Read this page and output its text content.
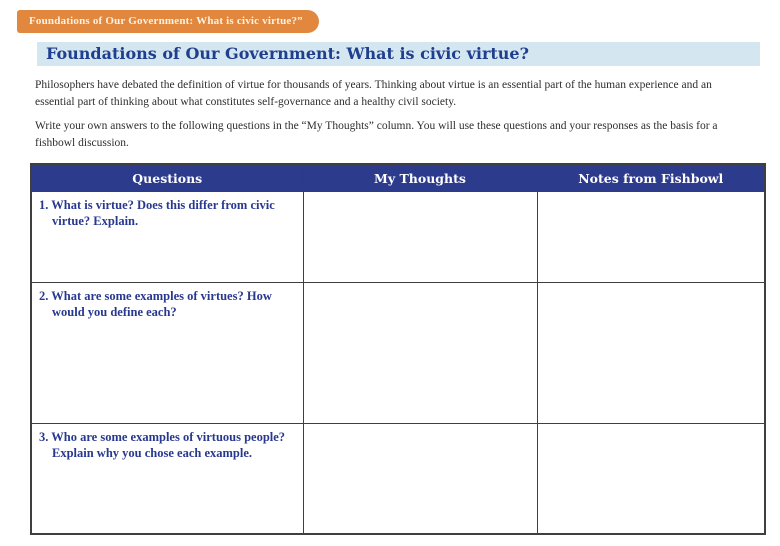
Foundations of Our Government: What is civic virtue?”
Foundations of Our Government: What is civic virtue?

Philosophers have debated the definition of virtue for thousands of years. Thinking about virtue is an essential part of the human experience and an essential part of thinking about what constitutes self-governance and a healthy civil society.

Write your own answers to the following questions in the “My Thoughts” column. You will use these questions and your responses as the basis for a fishbowl discussion.

Questions	My Thoughts	Notes from Fishbowl

1. What is virtue? Does this differ from civic virtue? Explain.		

2. What are some examples of virtues? How would you define each?		

3. Who are some examples of virtuous people? Explain why you chose each example.		
